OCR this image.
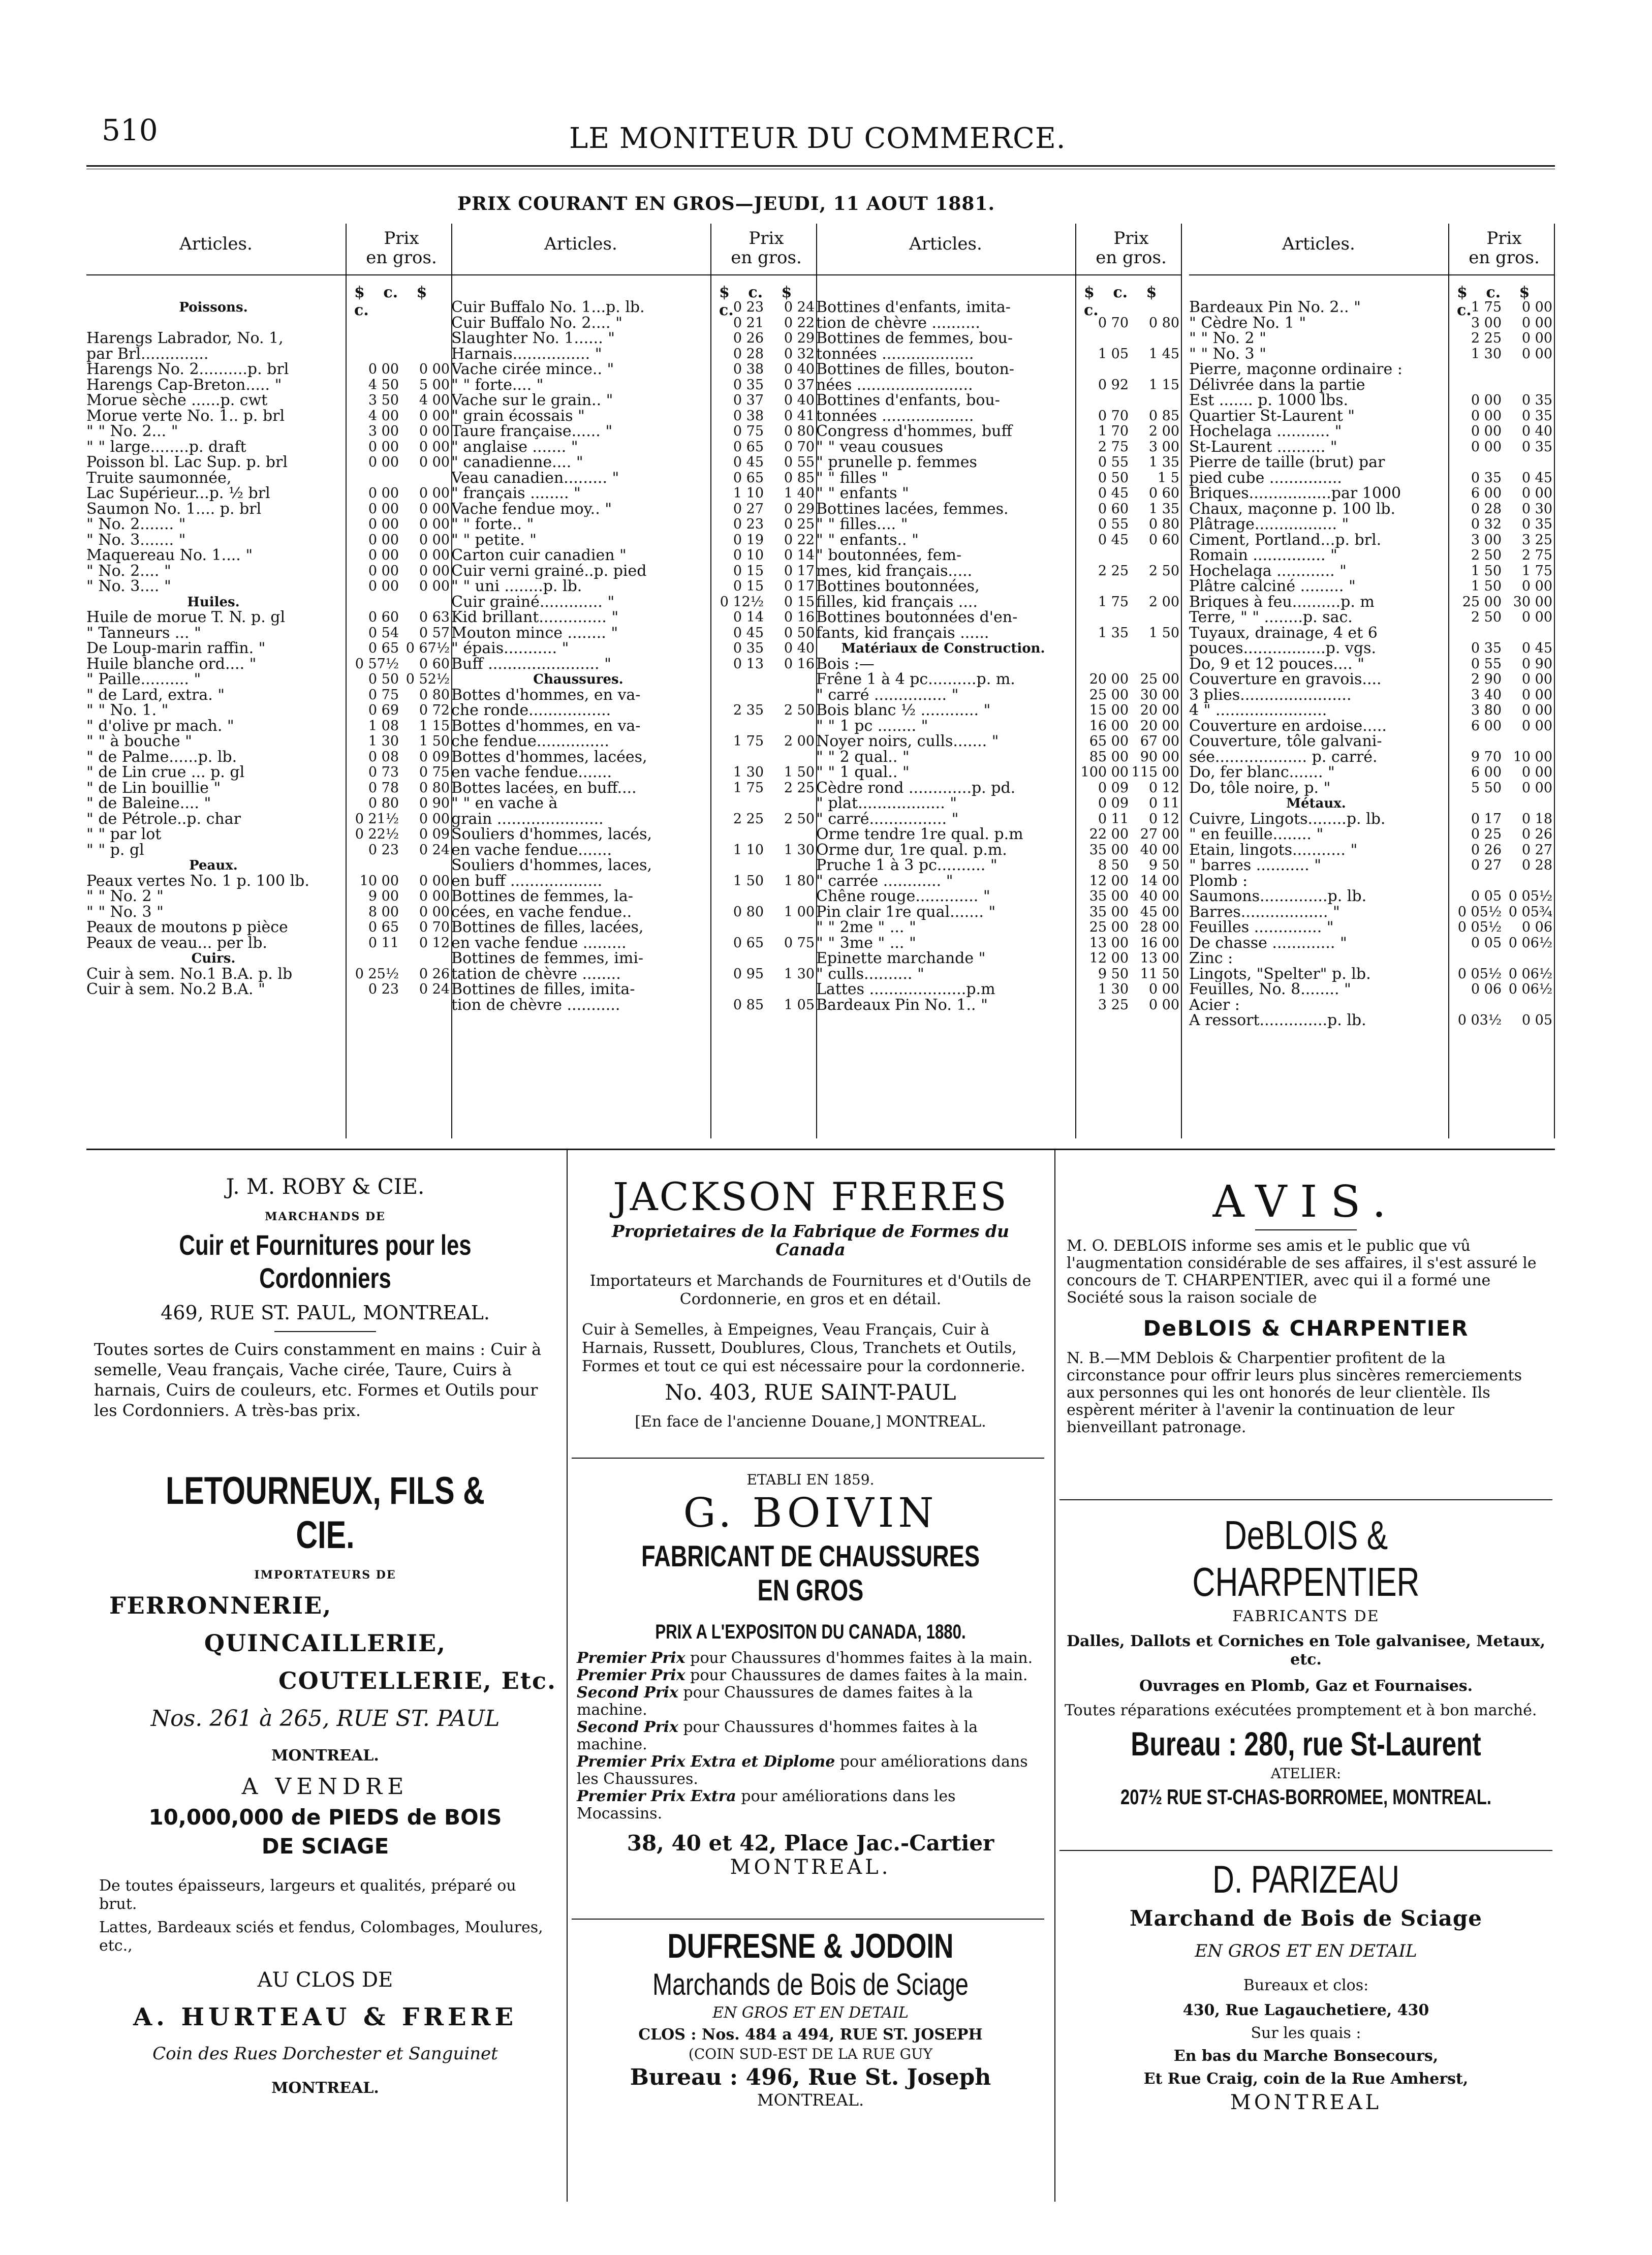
510	LE MONITEUR DU COMMERCE.
PRIX COURANT EN GROS—JEUDI, 11 AOUT 1881.
Articles.	Prix
en gros.
$ c. $ c.
Poissons.
Harengs Labrador, No. 1,
par Brl..............
Harengs No. 2..........p. brl	0 00	0 00
Harengs Cap-Breton..... "	4 50	5 00
Morue sèche ......p. cwt	3 50	4 00
Morue verte No. 1.. p. brl	4 00	0 00
" " No. 2... "	3 00	0 00
" " large........p. draft	0 00	0 00
Poisson bl. Lac Sup. p. brl	0 00	0 00
Truite saumonnée,
Lac Supérieur...p. ½ brl	0 00	0 00
Saumon No. 1.... p. brl	0 00	0 00
" No. 2....... "	0 00	0 00
" No. 3....... "	0 00	0 00
Maquereau No. 1.... "	0 00	0 00
" No. 2.... "	0 00	0 00
" No. 3.... "	0 00	0 00
Huiles.
Huile de morue T. N. p. gl	0 60	0 63
" Tanneurs ... "	0 54	0 57
De Loup-marin raffin. "	0 65 0 67½
Huile blanche ord.... "	0 57½	0 60
" Paille.......... "	0 50 0 52½
" de Lard, extra. "	0 75	0 80
" " No. 1. "	0 69	0 72
" d'olive pr mach. "	1 08	1 15
" " à bouche "	1 30	1 50
" de Palme......p. lb.	0 08	0 09
" de Lin crue ... p. gl	0 73	0 75
" de Lin bouillie "	0 78	0 80
" de Baleine.... "	0 80	0 90
" de Pétrole..p. char	0 21½	0 00
" " par lot	0 22½	0 09
" " p. gl	0 23	0 24
Peaux.
Peaux vertes No. 1 p. 100 lb.	10 00	0 00
" " No. 2 "	9 00	0 00
" " No. 3 "	8 00	0 00
Peaux de moutons p pièce	0 65	0 70
Peaux de veau... per lb.	0 11	0 12
Cuirs.
Cuir à sem. No.1 B.A. p. lb	0 25½	0 26
Cuir à sem. No.2 B.A. "	0 23	0 24
Articles.	Prix
en gros.
$ c. $ c.
Cuir Buffalo No. 1...p. lb.	0 23	0 24
Cuir Buffalo No. 2.... "	0 21	0 22
Slaughter No. 1...... "	0 26	0 29
Harnais................ "	0 28	0 32
Vache cirée mince.. "	0 38	0 40
" " forte.... "	0 35	0 37
Vache sur le grain.. "	0 37	0 40
" grain écossais "	0 38	0 41
Taure française...... "	0 75	0 80
" anglaise ....... "	0 65	0 70
" canadienne.... "	0 45	0 55
Veau canadien......... "	0 65	0 85
" français ........ "	1 10	1 40
Vache fendue moy.. "	0 27	0 29
" " forte.. "	0 23	0 25
" " petite. "	0 19	0 22
Carton cuir canadien "	0 10	0 14
Cuir verni grainé..p. pied	0 15	0 17
" " uni ........p. lb.	0 15	0 17
Cuir grainé............. "	0 12½	0 15
Kid brillant.............. "	0 14	0 16
Mouton mince ........ "	0 45	0 50
" épais........... "	0 35	0 40
Buff ....................... "	0 13	0 16
Chaussures.
Bottes d'hommes, en va-
che ronde.................	2 35	2 50
Bottes d'hommes, en va-
che fendue...............	1 75	2 00
Bottes d'hommes, lacées,
en vache fendue.......	1 30	1 50
Bottes lacées, en buff....	1 75	2 25
" " en vache à
grain ......................	2 25	2 50
Souliers d'hommes, lacés,
en vache fendue.......	1 10	1 30
Souliers d'hommes, laces,
en buff ...................	1 50	1 80
Bottines de femmes, la-
cées, en vache fendue..	0 80	1 00
Bottines de filles, lacées,
en vache fendue .........	0 65	0 75
Bottines de femmes, imi-
tation de chèvre ........	0 95	1 30
Bottines de filles, imita-
tion de chèvre ...........	0 85	1 05
Articles.	Prix
en gros.
$ c. $ c.
Bottines d'enfants, imita-
tion de chèvre ..........	0 70	0 80
Bottines de femmes, bou-
tonnées ...................	1 05	1 45
Bottines de filles, bouton-
nées ........................	0 92	1 15
Bottines d'enfants, bou-
tonnées ...................	0 70	0 85
Congress d'hommes, buff	1 70	2 00
" " veau cousues	2 75	3 00
" prunelle p. femmes	0 55	1 35
" " filles "	0 50	1 5
" " enfants "	0 45	0 60
Bottines lacées, femmes.	0 60	1 35
" " filles.... "	0 55	0 80
" " enfants.. "	0 45	0 60
" boutonnées, fem-
mes, kid français.....	2 25	2 50
Bottines boutonnées,
filles, kid français ....	1 75	2 00
Bottines boutonnées d'en-
fants, kid français ......	1 35	1 50
Matériaux de Construction.
Bois :—
Frêne 1 à 4 pc..........p. m.	20 00 25 00
" carré ............... "	25 00 30 00
Bois blanc ½ ............ "	15 00 20 00
" " 1 pc ........ "	16 00 20 00
Noyer noirs, culls....... "	65 00 67 00
" " 2 qual.. "	85 00 90 00
" " 1 qual.. "	100 00 115 00
Cèdre rond .............p. pd.	0 09	0 12
" plat.................. "	0 09	0 11
" carré................ "	0 11	0 12
Orme tendre 1re qual. p.m	22 00 27 00
Orme dur, 1re qual. p.m.	35 00 40 00
Pruche 1 à 3 pc.......... "	8 50	9 50
" carrée ............ "	12 00 14 00
Chêne rouge............. "	35 00 40 00
Pin clair 1re qual....... "	35 00 45 00
" " 2me " ... "	25 00 28 00
" " 3me " ... "	13 00 16 00
Epinette marchande "	12 00 13 00
" culls.......... "	9 50 11 50
Lattes ....................p.m	1 30	0 00
Bardeaux Pin No. 1.. "	3 25	0 00
Articles.	Prix
en gros.
$ c. $ c.
Bardeaux Pin No. 2.. "	1 75	0 00
" Cèdre No. 1 "	3 00	0 00
" " No. 2 "	2 25	0 00
" " No. 3 "	1 30	0 00
Pierre, maçonne ordinaire :
Délivrée dans la partie
Est ....... p. 1000 lbs.	0 00	0 35
Quartier St-Laurent "	0 00	0 35
Hochelaga ........... "	0 00	0 40
St-Laurent .......... "	0 00	0 35
Pierre de taille (brut) par
pied cube ...............	0 35	0 45
Briques.................par 1000	6 00	0 00
Chaux, maçonne p. 100 lb.	0 28	0 30
Plâtrage................. "	0 32	0 35
Ciment, Portland...p. brl.	3 00	3 25
Romain ............... "	2 50	2 75
Hochelaga ............ "	1 50	1 75
Plâtre calciné ......... "	1 50	0 00
Briques à feu..........p. m	25 00 30 00
Terre, " " ........p. sac.	2 50	0 00
Tuyaux, drainage, 4 et 6
pouces.................p. vgs.	0 35	0 45
Do, 9 et 12 pouces.... "	0 55	0 90
Couverture en gravois....	2 90	0 00
3 plies.......................	3 40	0 00
4 " .......................	3 80	0 00
Couverture en ardoise.....	6 00	0 00
Couverture, tôle galvani-
sée................... p. carré.	9 70 10 00
Do, fer blanc....... "	6 00	0 00
Do, tôle noire, p. "	5 50	0 00
Métaux.
Cuivre, Lingots........p. lb.	0 17	0 18
" en feuille........ "	0 25	0 26
Etain, lingots........... "	0 26	0 27
" barres ........... "	0 27	0 28
Plomb :
Saumons..............p. lb.	0 05 0 05½
Barres.................. "	0 05½ 0 05¾
Feuilles .............. "	0 05½	0 06
De chasse ............. "	0 05 0 06½
Zinc :
Lingots, "Spelter" p. lb.	0 05½ 0 06½
Feuilles, No. 8........ "	0 06 0 06½
Acier :
A ressort..............p. lb.	0 03½	0 05
J. M. ROBY & CIE.
MARCHANDS DE
Cuir et Fournitures pour les Cordonniers
469, RUE ST. PAUL, MONTREAL.
Toutes sortes de Cuirs constamment en mains : Cuir à semelle, Veau français, Vache cirée, Taure, Cuirs à harnais, Cuirs de couleurs, etc. Formes et Outils pour les Cordonniers. A très-bas prix.
LETOURNEUX, FILS & CIE.
IMPORTATEURS DE
FERRONNERIE,
QUINCAILLERIE,
COUTELLERIE, Etc.
Nos. 261 à 265, RUE ST. PAUL
MONTREAL.
A VENDRE
10,000,000 de PIEDS de BOIS
DE SCIAGE
De toutes épaisseurs, largeurs et qualités, préparé ou brut.
Lattes, Bardeaux sciés et fendus, Colombages, Moulures, etc.,
AU CLOS DE
A. HURTEAU & FRERE
Coin des Rues Dorchester et Sanguinet
MONTREAL.
JACKSON FRERES
Proprietaires de la Fabrique de Formes du Canada
Importateurs et Marchands de Fournitures et d'Outils de Cordonnerie, en gros et en détail.
Cuir à Semelles, à Empeignes, Veau Français, Cuir à Harnais, Russett, Doublures, Clous, Tranchets et Outils, Formes et tout ce qui est nécessaire pour la cordonnerie.
No. 403, RUE SAINT-PAUL
[En face de l'ancienne Douane,] MONTREAL.
ETABLI EN 1859.
G. BOIVIN
FABRICANT DE CHAUSSURES EN GROS
PRIX A L'EXPOSITON DU CANADA, 1880.
Premier Prix pour Chaussures d'hommes faites à la main.
Premier Prix pour Chaussures de dames faites à la main.
Second Prix pour Chaussures de dames faites à la machine.
Second Prix pour Chaussures d'hommes faites à la machine.
Premier Prix Extra et Diplome pour améliorations dans les Chaussures.
Premier Prix Extra pour améliorations dans les Mocassins.
38, 40 et 42, Place Jac.-Cartier
MONTREAL.
DUFRESNE & JODOIN
Marchands de Bois de Sciage
EN GROS ET EN DETAIL
CLOS : Nos. 484 a 494, RUE ST. JOSEPH
(COIN SUD-EST DE LA RUE GUY
Bureau : 496, Rue St. Joseph
MONTREAL.
AVIS.
M. O. DEBLOIS informe ses amis et le public que vû l'augmentation considérable de ses affaires, il s'est assuré le concours de T. CHARPENTIER, avec qui il a formé une Société sous la raison sociale de
DeBLOIS & CHARPENTIER
N. B.—MM Deblois & Charpentier profitent de la circonstance pour offrir leurs plus sincères remerciements aux personnes qui les ont honorés de leur clientèle. Ils espèrent mériter à l'avenir la continuation de leur bienveillant patronage.
DeBLOIS & CHARPENTIER
FABRICANTS DE
Dalles, Dallots et Corniches en Tole galvanisee, Metaux, etc.
Ouvrages en Plomb, Gaz et Fournaises.
Toutes réparations exécutées promptement et à bon marché.
Bureau : 280, rue St-Laurent
ATELIER:
207½ RUE ST-CHAS-BORROMEE, MONTREAL.
D. PARIZEAU
Marchand de Bois de Sciage
EN GROS ET EN DETAIL
Bureaux et clos:
430, Rue Lagauchetiere, 430
Sur les quais :
En bas du Marche Bonsecours,
Et Rue Craig, coin de la Rue Amherst,
MONTREAL
